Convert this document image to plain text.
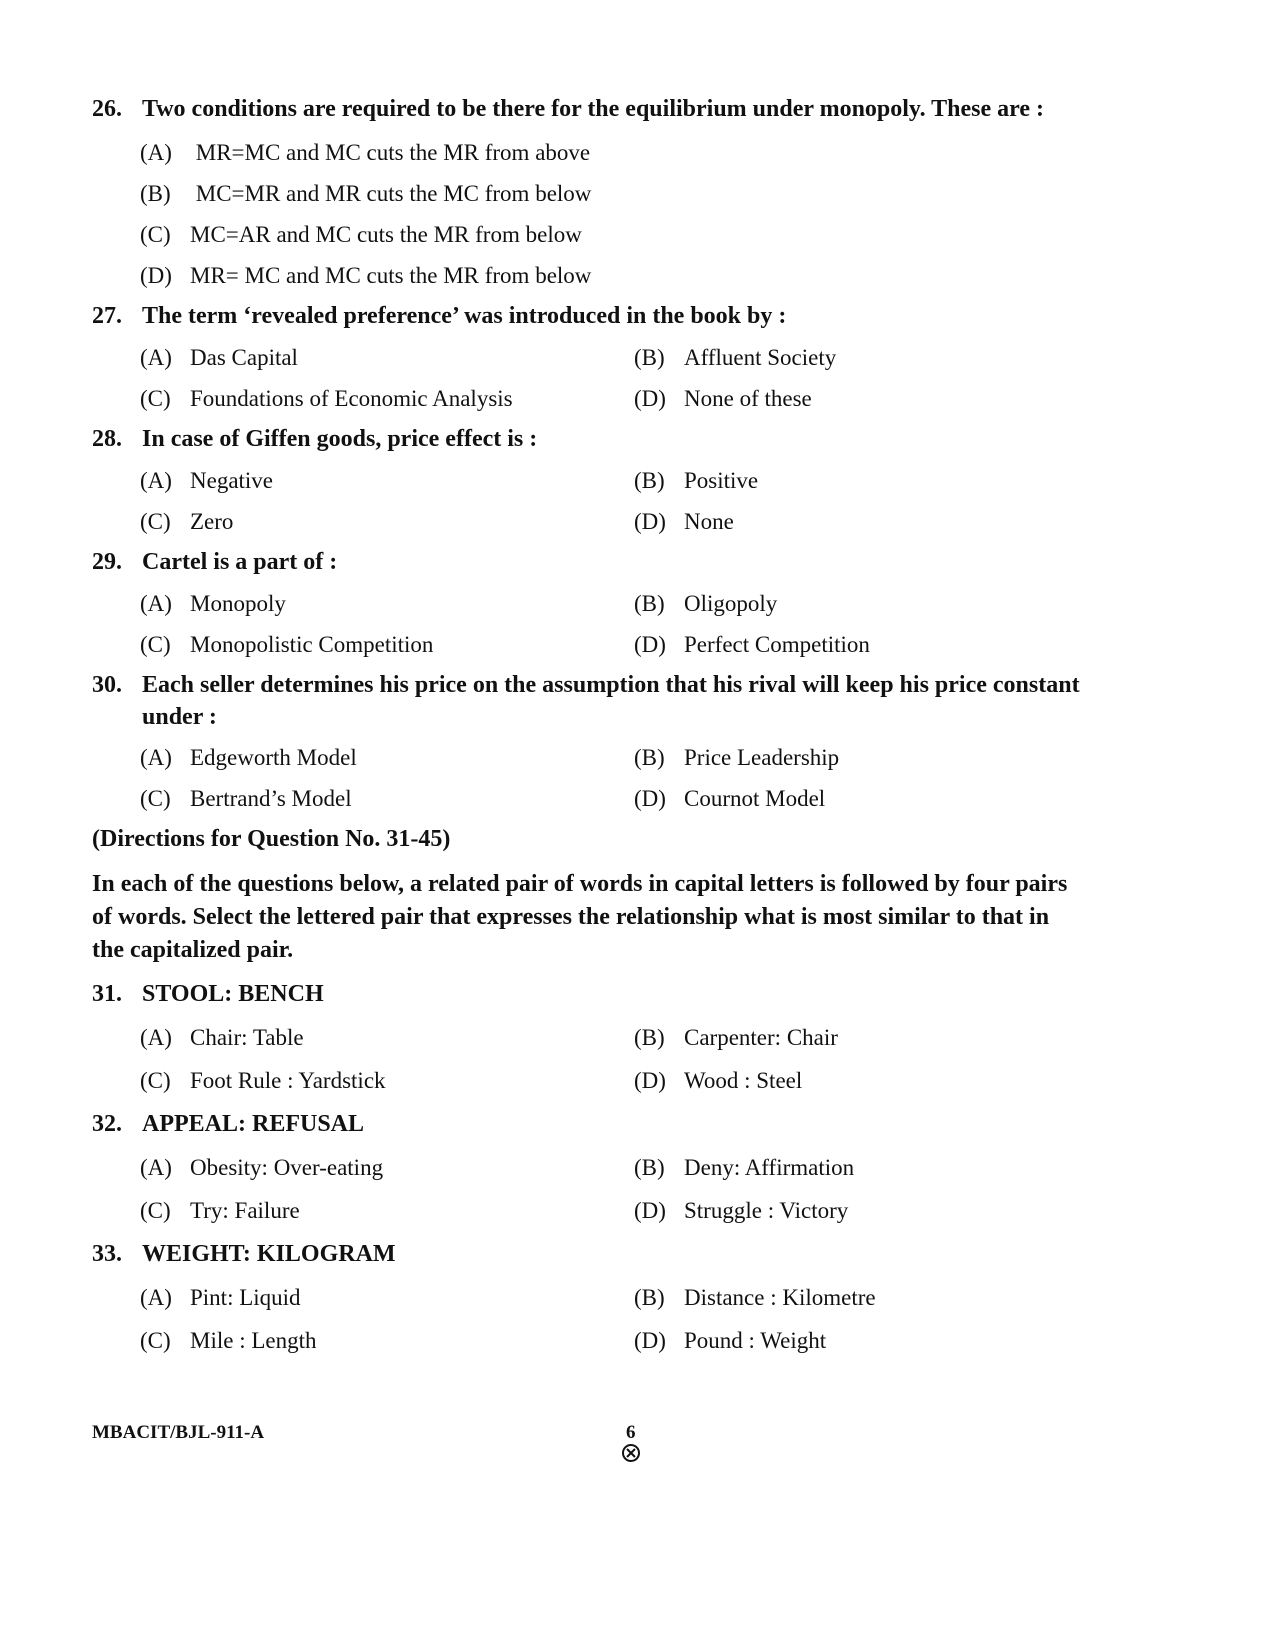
26. Two conditions are required to be there for the equilibrium under monopoly. These are :
(A) MR=MC and MC cuts the MR from above
(B) MC=MR and MR cuts the MC from below
(C) MC=AR and MC cuts the MR from below
(D) MR= MC and MC cuts the MR from below
27. The term ‘revealed preference’ was introduced in the book by :
(A) Das Capital	(B) Affluent Society
(C) Foundations of Economic Analysis	(D) None of these
28. In case of Giffen goods, price effect is :
(A) Negative	(B) Positive
(C) Zero	(D) None
29. Cartel is a part of :
(A) Monopoly	(B) Oligopoly
(C) Monopolistic Competition	(D) Perfect Competition
30. Each seller determines his price on the assumption that his rival will keep his price constant under :
(A) Edgeworth Model	(B) Price Leadership
(C) Bertrand’s Model	(D) Cournot Model
(Directions for Question No. 31-45)
In each of the questions below, a related pair of words in capital letters is followed by four pairs of words. Select the lettered pair that expresses the relationship what is most similar to that in the capitalized pair.
31. STOOL: BENCH
(A) Chair: Table	(B) Carpenter: Chair
(C) Foot Rule : Yardstick	(D) Wood : Steel
32. APPEAL: REFUSAL
(A) Obesity: Over-eating	(B) Deny: Affirmation
(C) Try: Failure	(D) Struggle : Victory
33. WEIGHT: KILOGRAM
(A) Pint: Liquid	(B) Distance : Kilometre
(C) Mile : Length	(D) Pound : Weight
MBACIT/BJL-911-A	6
